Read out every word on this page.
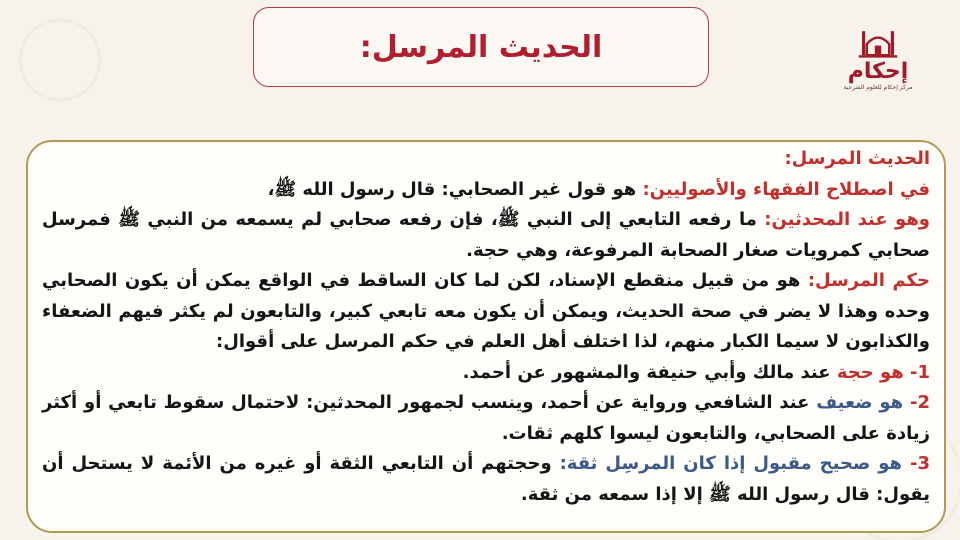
الحديث المرسل:
إحكام
مركز إحكام للعلوم الشرعية

الحديث المرسل:

في اصطلاح الفقهاء والأصوليين: هو قول غير الصحابي: قال رسول الله ﷺ،

وهو عند المحدثين: ما رفعه التابعي إلى النبي ﷺ، فإن رفعه صحابي لم يسمعه من النبي ﷺ فمرسل صحابي كمرويات صغار الصحابة المرفوعة، وهي حجة.

حكم المرسل: هو من قبيل منقطع الإسناد، لكن لما كان الساقط في الواقع يمكن أن يكون الصحابي وحده وهذا لا يضر في صحة الحديث، ويمكن أن يكون معه تابعي كبير، والتابعون لم يكثر فيهم الضعفاء والكذابون لا سيما الكبار منهم، لذا اختلف أهل العلم في حكم المرسل على أقوال:

1- هو حجة عند مالك وأبي حنيفة والمشهور عن أحمد.

2- هو ضعيف عند الشافعي ورواية عن أحمد، وينسب لجمهور المحدثين: لاحتمال سقوط تابعي أو أكثر زيادة على الصحابي، والتابعون ليسوا كلهم ثقات.

3- هو صحيح مقبول إذا كان المرسِل ثقة: وحجتهم أن التابعي الثقة أو غيره من الأئمة لا يستحل أن يقول: قال رسول الله ﷺ إلا إذا سمعه من ثقة.
